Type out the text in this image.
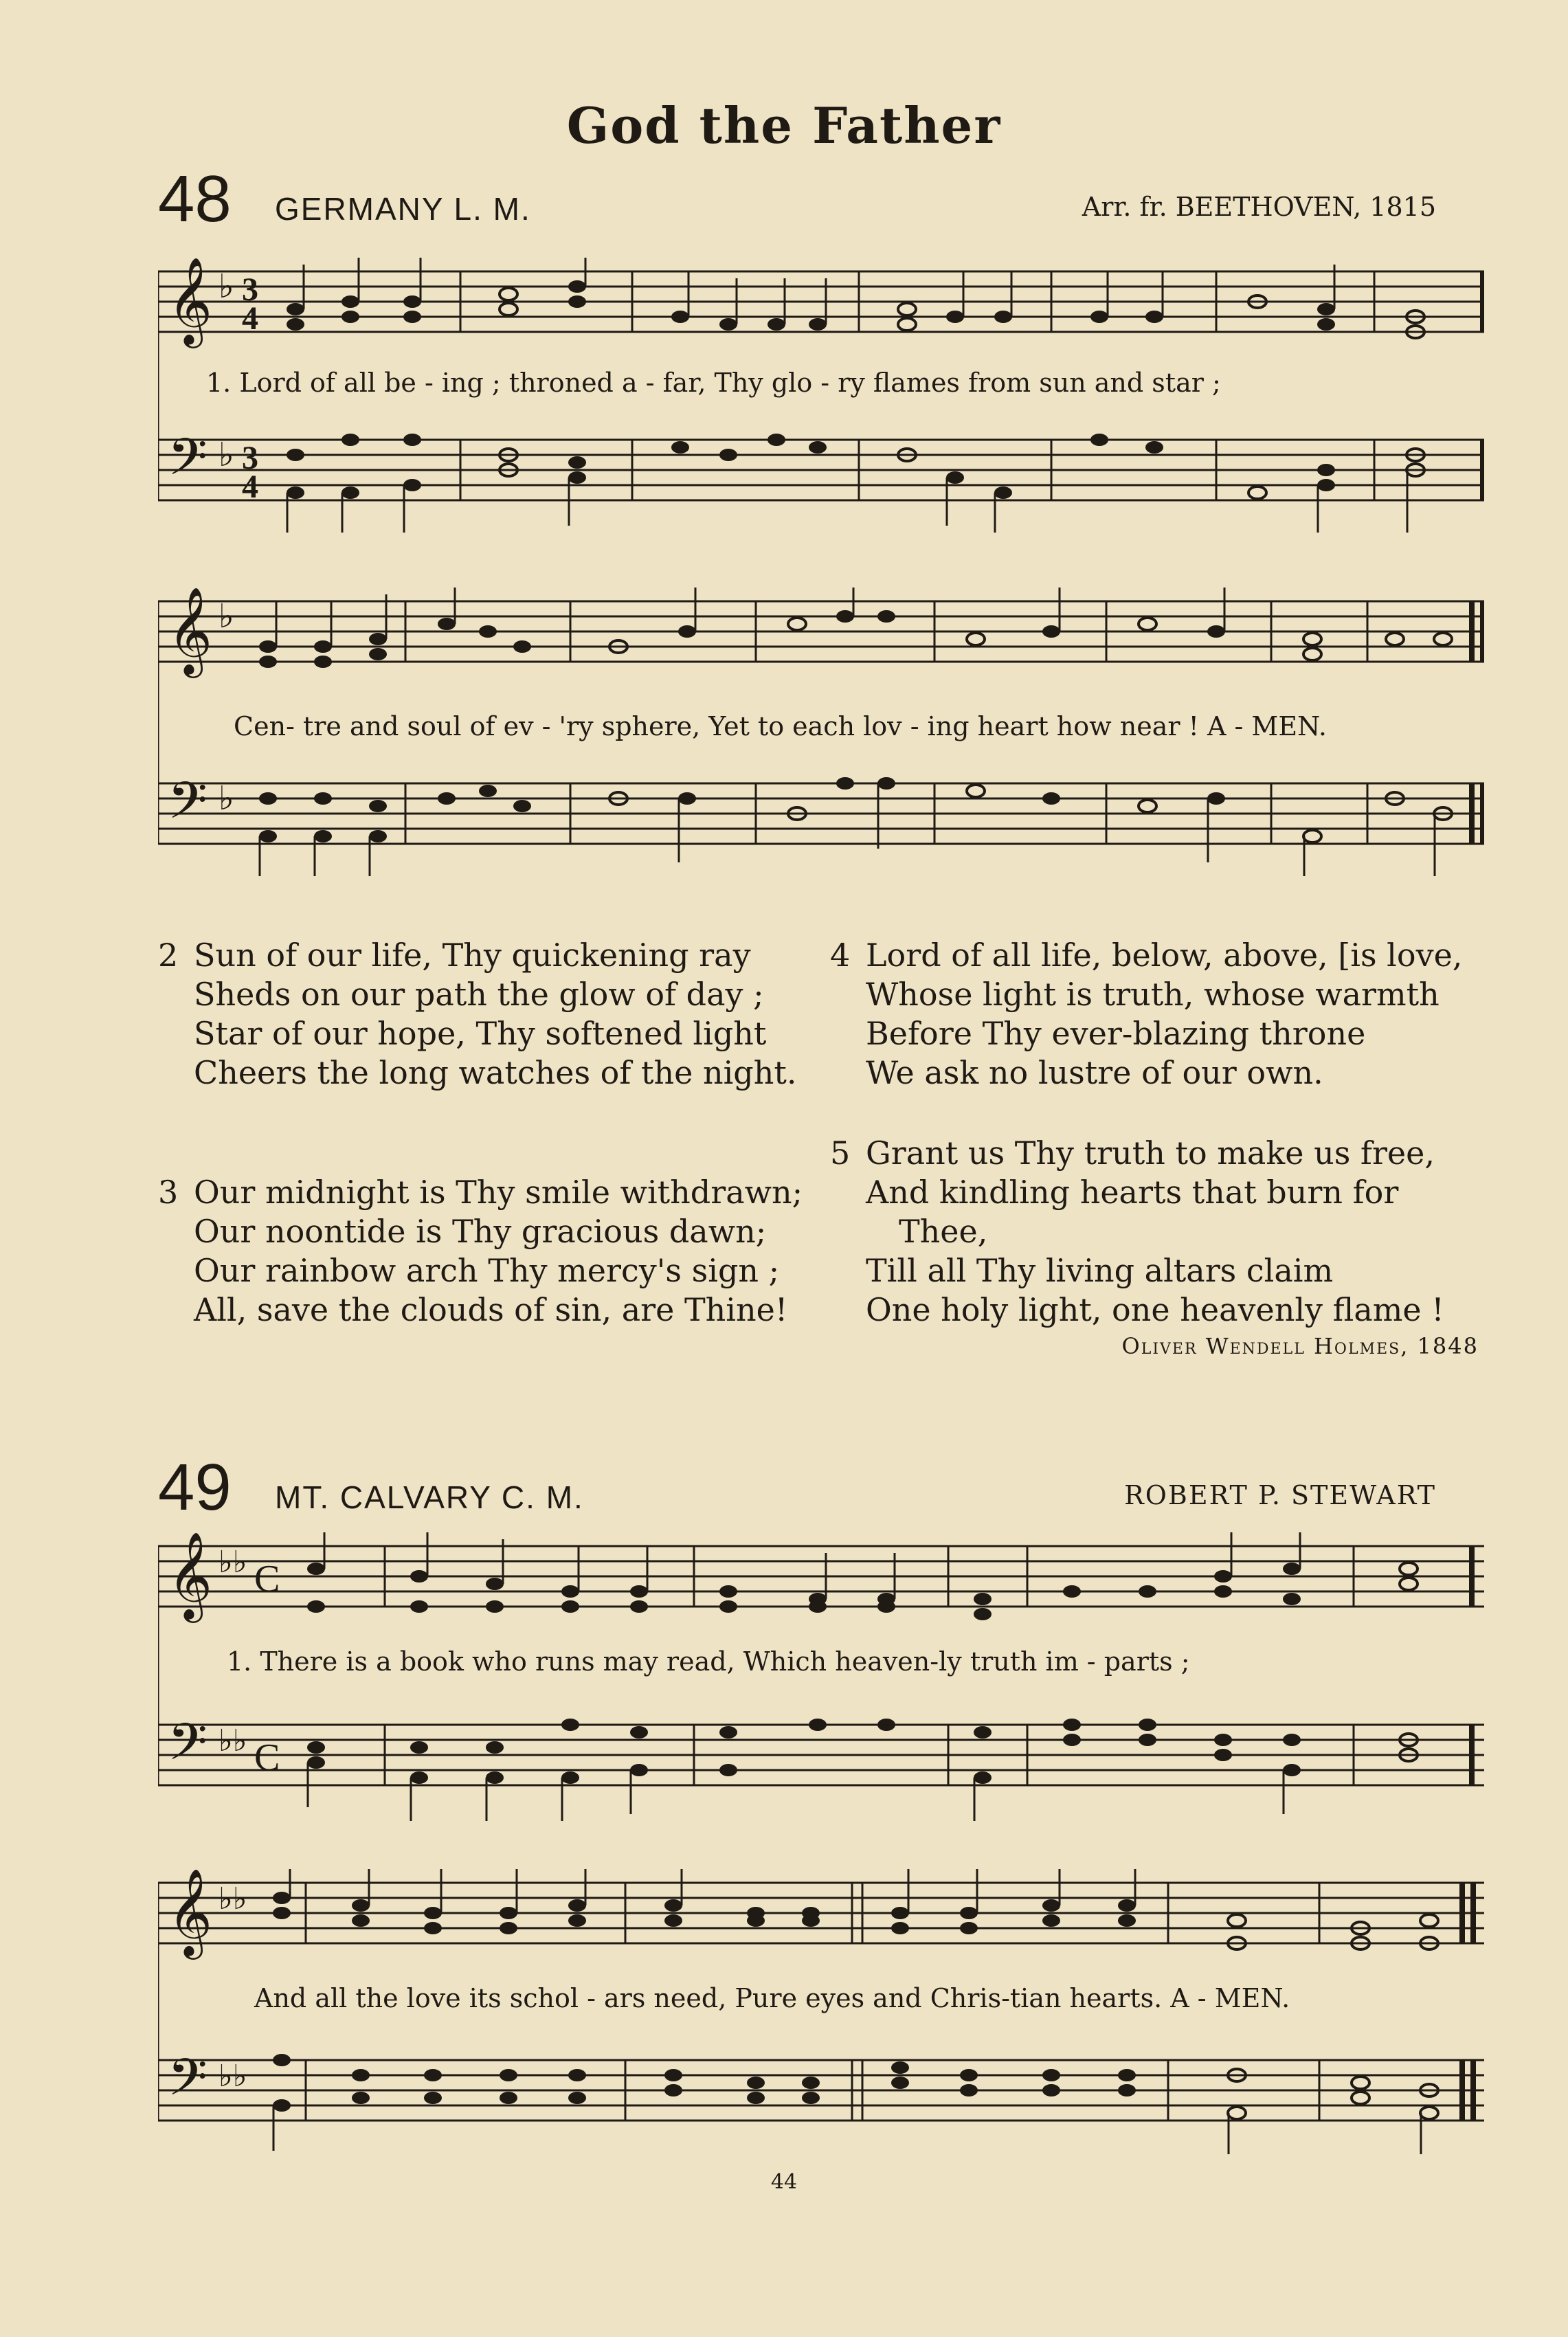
God the Father
48 GERMANY L. M.	Arr. fr. BEETHOVEN, 1815
𝄞
𝄢
♭
♭
3
4
3
4
1. Lord of all be - ing ; throned a - far, Thy glo - ry flames from sun and star ;
𝄞
𝄢
♭
♭
Cen- tre and soul of ev - 'ry sphere, Yet to each lov - ing heart how near ! A - MEN.
2 Sun of our life, Thy quickening ray
Sheds on our path the glow of day ;
Star of our hope, Thy softened light
Cheers the long watches of the night.
3 Our midnight is Thy smile withdrawn;
Our noontide is Thy gracious dawn;
Our rainbow arch Thy mercy's sign ;
All, save the clouds of sin, are Thine!
4 Lord of all life, below, above, [is love,
Whose light is truth, whose warmth
Before Thy ever-blazing throne
We ask no lustre of our own.
5 Grant us Thy truth to make us free,
And kindling hearts that burn for
Thee,
Till all Thy living altars claim
One holy light, one heavenly flame !
Oliver Wendell Holmes, 1848
49 MT. CALVARY C. M.	ROBERT P. STEWART
𝄞
𝄢
♭♭
♭♭
C
C
1. There is a book who runs may read, Which heaven-ly truth im - parts ;
𝄞
𝄢
♭♭
♭♭
And all the love its schol - ars need, Pure eyes and Chris-tian hearts. A - MEN.
44
